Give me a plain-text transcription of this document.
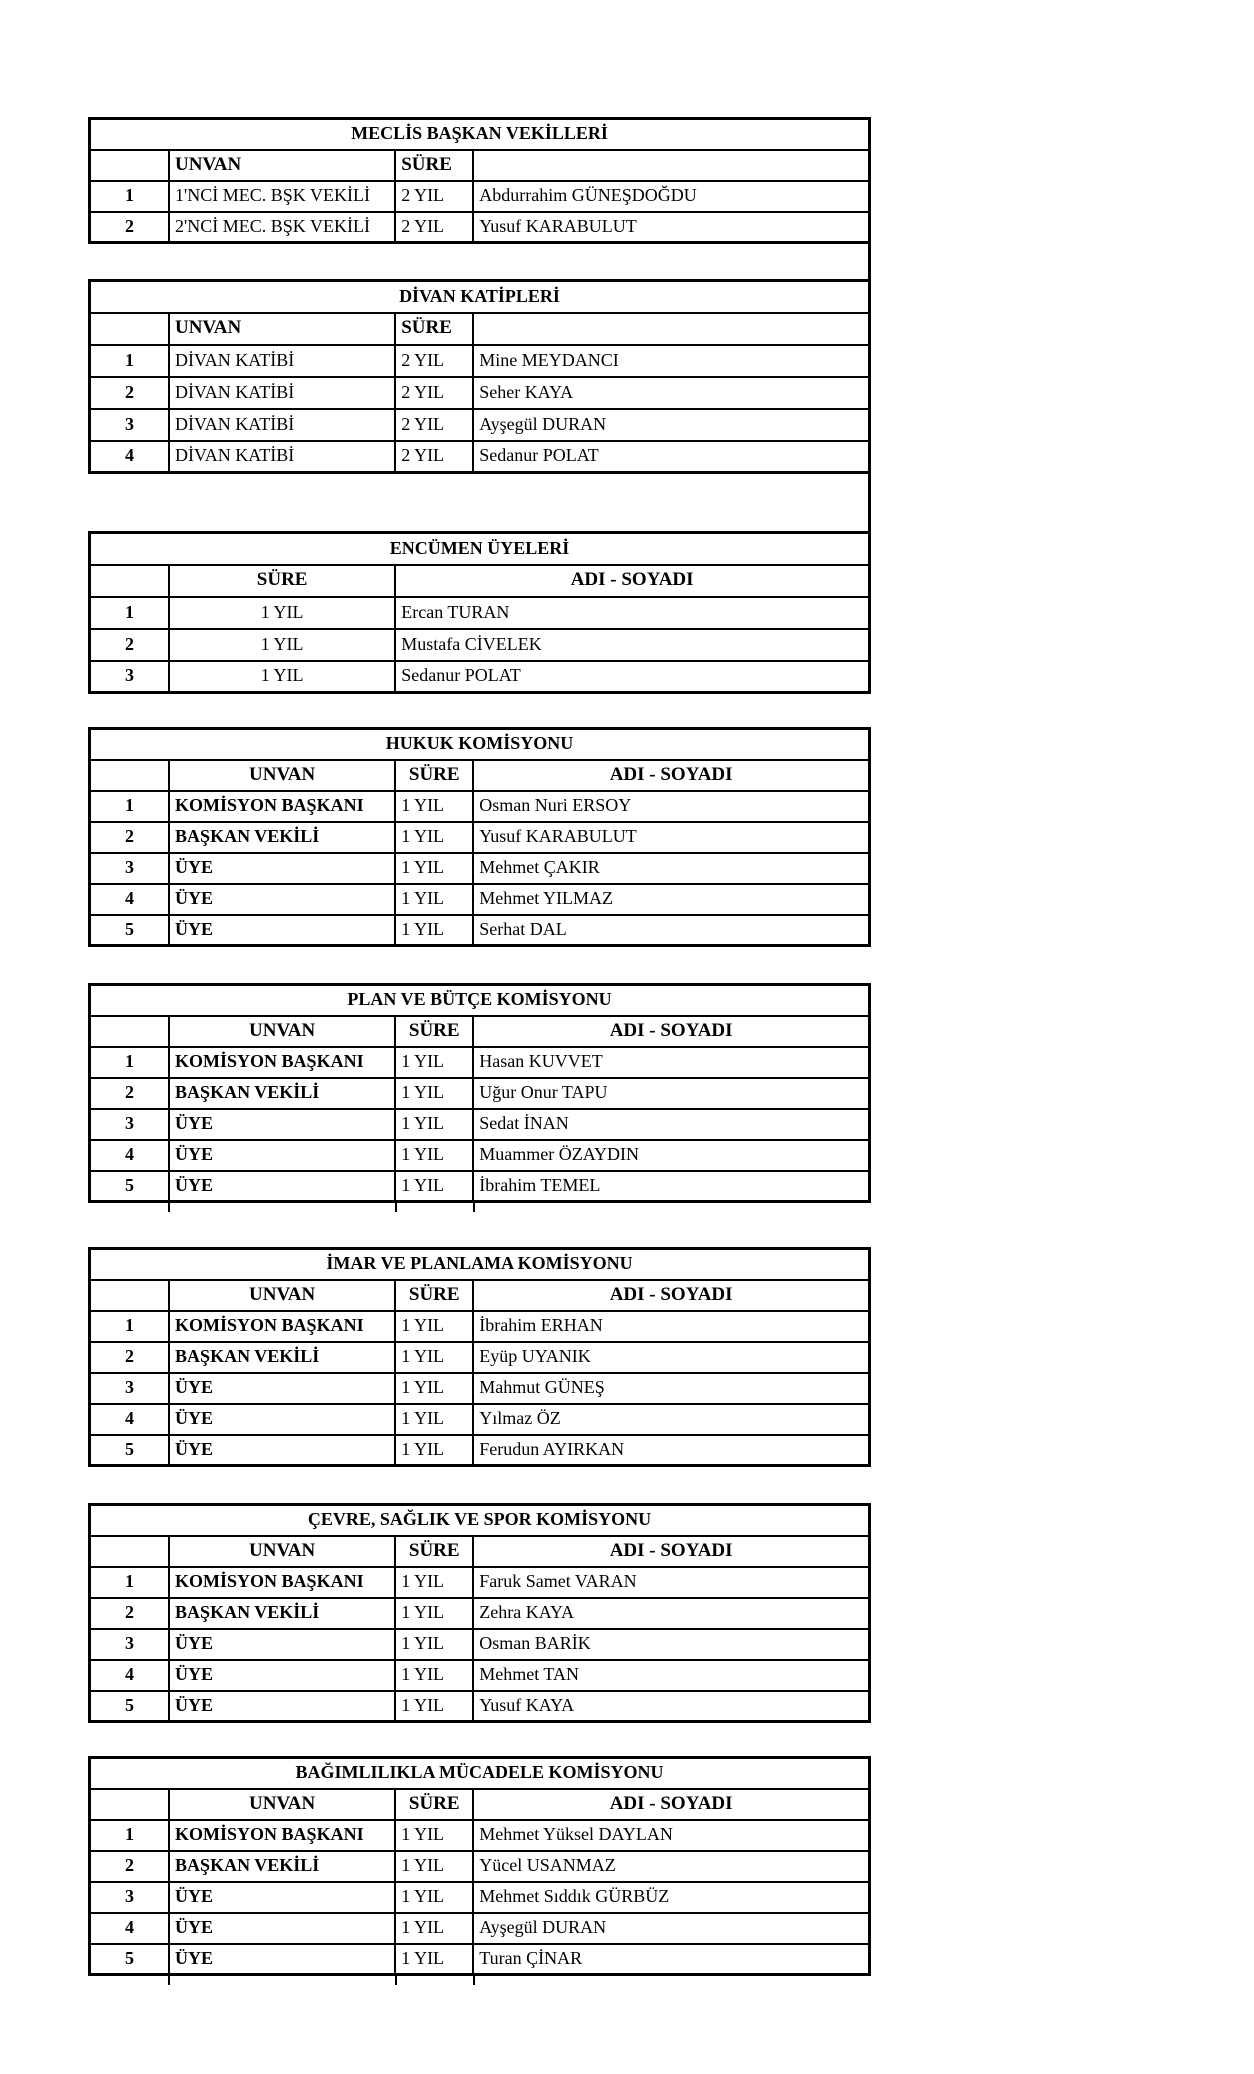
MECLİS BAŞKAN VEKİLLERİ			
	UNVAN	SÜRE	
1	1'NCİ MEC. BŞK VEKİLİ	2 YIL	Abdurrahim GÜNEŞDOĞDU
2	2'NCİ MEC. BŞK VEKİLİ	2 YIL	Yusuf KARABULUT
DİVAN KATİPLERİ			
	UNVAN	SÜRE	
1	DİVAN KATİBİ	2 YIL	Mine MEYDANCI
2	DİVAN KATİBİ	2 YIL	Seher KAYA
3	DİVAN KATİBİ	2 YIL	Ayşegül DURAN
4	DİVAN KATİBİ	2 YIL	Sedanur POLAT
ENCÜMEN ÜYELERİ		
	SÜRE	ADI - SOYADI
1	1 YIL	Ercan TURAN
2	1 YIL	Mustafa CİVELEK
3	1 YIL	Sedanur POLAT
HUKUK KOMİSYONU			
	UNVAN	SÜRE	ADI - SOYADI
1	KOMİSYON BAŞKANI	1 YIL	Osman Nuri ERSOY
2	BAŞKAN VEKİLİ	1 YIL	Yusuf KARABULUT
3	ÜYE	1 YIL	Mehmet ÇAKIR
4	ÜYE	1 YIL	Mehmet YILMAZ
5	ÜYE	1 YIL	Serhat DAL
PLAN VE BÜTÇE KOMİSYONU			
	UNVAN	SÜRE	ADI - SOYADI
1	KOMİSYON BAŞKANI	1 YIL	Hasan KUVVET
2	BAŞKAN VEKİLİ	1 YIL	Uğur Onur TAPU
3	ÜYE	1 YIL	Sedat İNAN
4	ÜYE	1 YIL	Muammer ÖZAYDIN
5	ÜYE	1 YIL	İbrahim TEMEL
İMAR VE PLANLAMA KOMİSYONU			
	UNVAN	SÜRE	ADI - SOYADI
1	KOMİSYON BAŞKANI	1 YIL	İbrahim ERHAN
2	BAŞKAN VEKİLİ	1 YIL	Eyüp UYANIK
3	ÜYE	1 YIL	Mahmut GÜNEŞ
4	ÜYE	1 YIL	Yılmaz ÖZ
5	ÜYE	1 YIL	Ferudun AYIRKAN
ÇEVRE, SAĞLIK VE SPOR KOMİSYONU			
	UNVAN	SÜRE	ADI - SOYADI
1	KOMİSYON BAŞKANI	1 YIL	Faruk Samet VARAN
2	BAŞKAN VEKİLİ	1 YIL	Zehra KAYA
3	ÜYE	1 YIL	Osman BARİK
4	ÜYE	1 YIL	Mehmet TAN
5	ÜYE	1 YIL	Yusuf KAYA
BAĞIMLILIKLA MÜCADELE KOMİSYONU			
	UNVAN	SÜRE	ADI - SOYADI
1	KOMİSYON BAŞKANI	1 YIL	Mehmet Yüksel DAYLAN
2	BAŞKAN VEKİLİ	1 YIL	Yücel USANMAZ
3	ÜYE	1 YIL	Mehmet Sıddık GÜRBÜZ
4	ÜYE	1 YIL	Ayşegül DURAN
5	ÜYE	1 YIL	Turan ÇİNAR
